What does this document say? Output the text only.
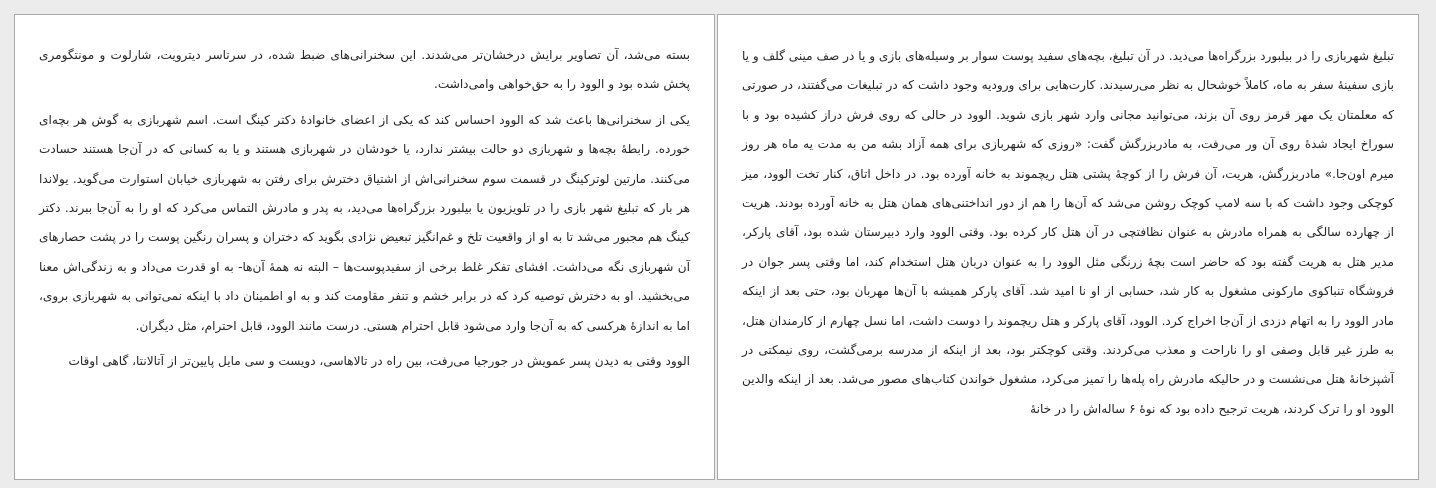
بسته می‌شد، آن تصاویر برایش درخشان‌تر می‌شدند. این سخنرانی‌های ضبط شده، در سرتاسر دیترویت، شارلوت و مونتگومری پخش شده بود و الوود را به حق‌خواهی وامی‌داشت.

یکی از سخنرانی‌ها باعث شد که الوود احساس کند که یکی از اعضای خانوادهٔ دکتر کینگ است. اسم شهربازی به گوش هر بچه‌ای خورده. رابطهٔ بچه‌ها و شهربازی دو حالت بیشتر ندارد، یا خودشان در شهربازی هستند و یا به کسانی که در آن‌جا هستند حسادت می‌کنند. مارتین لوترکینگ در قسمت سوم سخنرانی‌اش از اشتیاق دخترش برای رفتن به شهربازی خیابان استوارت می‌گوید. یولاندا هر بار که تبلیغ شهر بازی را در تلویزیون یا بیلبورد بزرگراه‌ها می‌دید، به پدر و مادرش التماس می‌کرد که او را به آن‌جا ببرند. دکتر کینگ هم مجبور می‌شد تا به او از واقعیت تلخ و غم‌انگیز تبعیض نژادی بگوید که دختران و پسران رنگین پوست را در پشت حصارهای آن شهربازی نگه می‌داشت. افشای تفکر غلط برخی از سفیدپوست‌ها – البته نه همهٔ آن‌ها- به او قدرت می‌داد و به زندگی‌اش معنا می‌بخشید. او به دخترش توصیه کرد که در برابر خشم و تنفر مقاومت کند و به او اطمینان داد با اینکه نمی‌توانی به شهربازی بروی، اما به اندازهٔ هرکسی که به آن‌جا وارد می‌شود قابل احترام هستی. درست مانند الوود، قابل احترام، مثل دیگران.

الوود وقتی به دیدن پسر عمویش در جورجیا می‌رفت، بین راه در تالاهاسی، دویست و سی مایل پایین‌تر از آتالانتا، گاهی اوقات

تبلیغ شهربازی را در بیلبورد بزرگراه‌ها می‌دید. در آن تبلیغ، بچه‌های سفید پوست سوار بر وسیله‌های بازی و یا در صف مینی گلف و یا بازی سفینهٔ سفر به ماه، کاملاً خوشحال به نظر می‌رسیدند. کارت‌هایی برای ورودیه وجود داشت که در تبلیغات می‌گفتند، در صورتی که معلمتان یک مهر قرمز روی آن بزند، می‌توانید مجانی وارد شهر بازی شوید. الوود در حالی که روی فرش دراز کشیده بود و با سوراخ ایجاد شدهٔ روی آن ور می‌رفت، به مادربزرگش گفت: «روزی که شهربازی برای همه آزاد بشه من به مدت یه ماه هر روز میرم اون‌جا.» مادربزرگش، هریت، آن فرش را از کوچهٔ پشتی هتل ریچموند به خانه آورده بود. در داخل اتاق، کنار تخت الوود، میز کوچکی وجود داشت که با سه لامپ کوچک روشن می‌شد که آن‌ها را هم از دور انداختنی‌های همان هتل به خانه آورده بودند. هریت از چهارده سالگی به همراه مادرش به عنوان نظافتچی در آن هتل کار کرده بود. وقتی الوود وارد دبیرستان شده بود، آقای پارکر، مدیر هتل به هریت گفته بود که حاضر است بچهٔ زرنگی مثل الوود را به عنوان دربان هتل استخدام کند، اما وقتی پسر جوان در فروشگاه تنباکوی مارکونی مشغول به کار شد، حسابی از او نا امید شد. آقای پارکر همیشه با آن‌ها مهربان بود، حتی بعد از اینکه مادر الوود را به اتهام دزدی از آن‌جا اخراج کرد. الوود، آقای پارکر و هتل ریچموند را دوست داشت، اما نسل چهارم از کارمندان هتل، به طرز غیر قابل وصفی او را ناراحت و معذب می‌کردند. وقتی کوچکتر بود، بعد از اینکه از مدرسه برمی‌گشت، روی نیمکتی در آشپزخانهٔ هتل می‌نشست و در حالیکه مادرش راه پله‌ها را تمیز می‌کرد، مشغول خواندن کتاب‌های مصور می‌شد. بعد از اینکه والدین الوود او را ترک کردند، هریت ترجیح داده بود که نوهٔ ۶ ساله‌اش را در خانهٔ
